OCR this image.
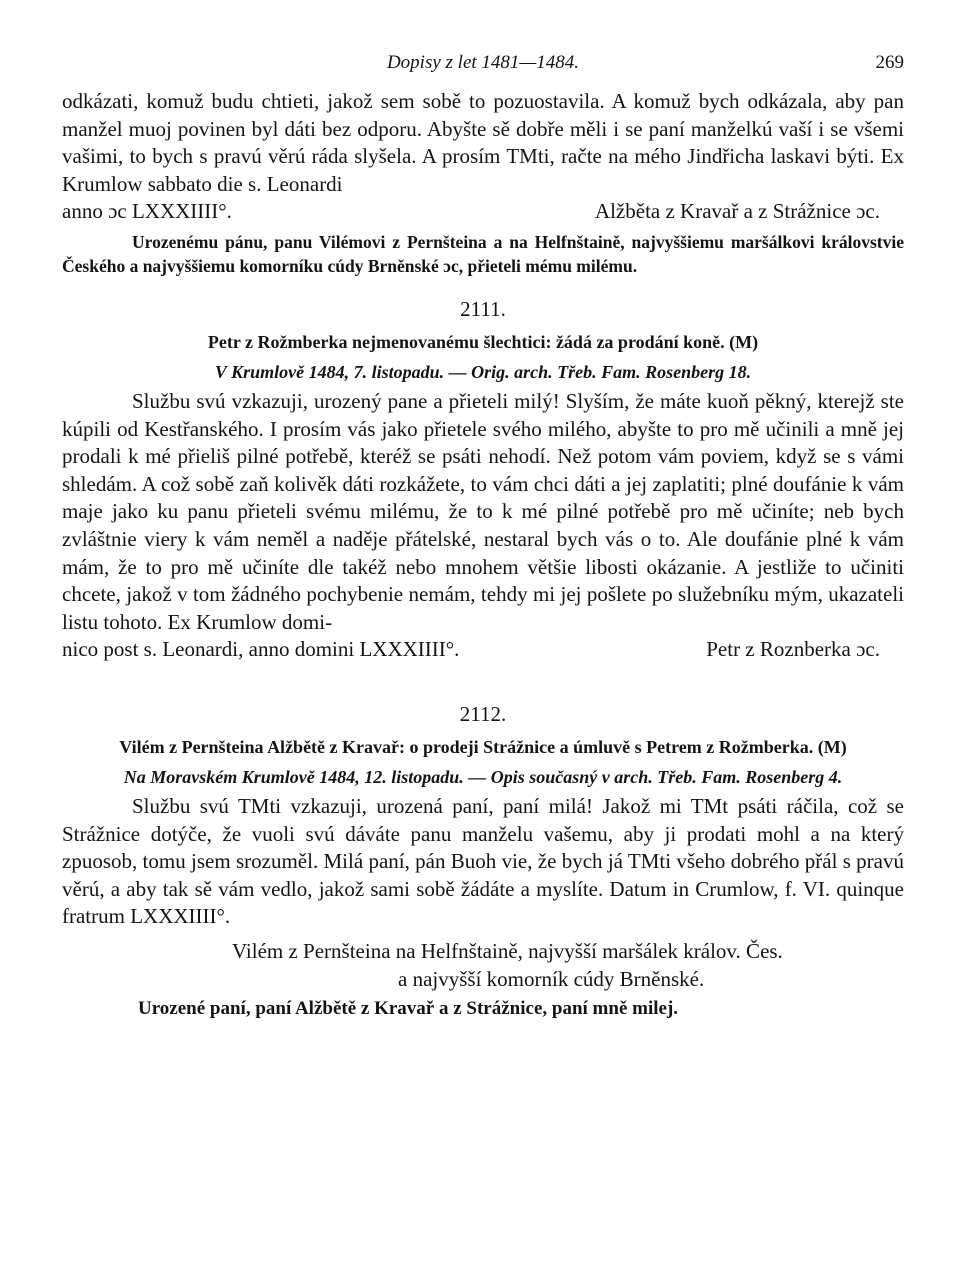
Dopisy z let 1481—1484.	269

odkázati, komuž budu chtieti, jakož sem sobě to pozuostavila. A komuž bych odkázala, aby pan manžel muoj povinen byl dáti bez odporu. Abyšte sě dobře měli i se paní manželkú vaší i se všemi vašimi, to bych s pravú věrú ráda slyšela. A prosím TMti, račte na mého Jindřicha laskavi býti. Ex Krumlow sabbato die s. Leonardi

anno ɔc LXXXIIII°.	Alžběta z Kravař a z Strážnice ɔc.

Urozenému pánu, panu Vilémovi z Pernšteina a na Helfnštaině, najvyššiemu maršálkovi královstvie Českého a najvyššiemu komorníku cúdy Brněnské ɔc, přieteli mému milému.

2111.
Petr z Rožmberka nejmenovanému šlechtici: žádá za prodání koně. (M)
V Krumlově 1484, 7. listopadu. — Orig. arch. Třeb. Fam. Rosenberg 18.

Službu svú vzkazuji, urozený pane a přieteli milý! Slyším, že máte kuoň pěkný, kterejž ste kúpili od Kestřanského. I prosím vás jako přietele svého milého, abyšte to pro mě učinili a mně jej prodali k mé přieliš pilné potřebě, kteréž se psáti nehodí. Než potom vám poviem, když se s vámi shledám. A což sobě zaň kolivěk dáti rozkážete, to vám chci dáti a jej zaplatiti; plné doufánie k vám maje jako ku panu přieteli svému milému, že to k mé pilné potřebě pro mě učiníte; neb bych zvláštnie viery k vám neměl a naděje přátelské, nestaral bych vás o to. Ale doufánie plné k vám mám, že to pro mě učiníte dle takéž nebo mnohem většie libosti okázanie. A jestliže to učiniti chcete, jakož v tom žádného pochybenie nemám, tehdy mi jej pošlete po služebníku mým, ukazateli listu tohoto. Ex Krumlow domi-

nico post s. Leonardi, anno domini LXXXIIII°.	Petr z Roznberka ɔc.
2112.
Vilém z Pernšteina Alžbětě z Kravař: o prodeji Strážnice a úmluvě s Petrem z Rožmberka. (M)
Na Moravském Krumlově 1484, 12. listopadu. — Opis současný v arch. Třeb. Fam. Rosenberg 4.

Službu svú TMti vzkazuji, urozená paní, paní milá! Jakož mi TMt psáti ráčila, což se Strážnice dotýče, že vuoli svú dáváte panu manželu vašemu, aby ji prodati mohl a na který zpuosob, tomu jsem srozuměl. Milá paní, pán Buoh vie, že bych já TMti všeho dobrého přál s pravú věrú, a aby tak sě vám vedlo, jakož sami sobě žádáte a myslíte. Datum in Crumlow, f. VI. quinque fratrum LXXXIIII°.

Vilém z Pernšteina na Helfnštaině, najvyšší maršálek králov. Čes.
a najvyšší komorník cúdy Brněnské.
Urozené paní, paní Alžbětě z Kravař a z Strážnice, paní mně milej.
